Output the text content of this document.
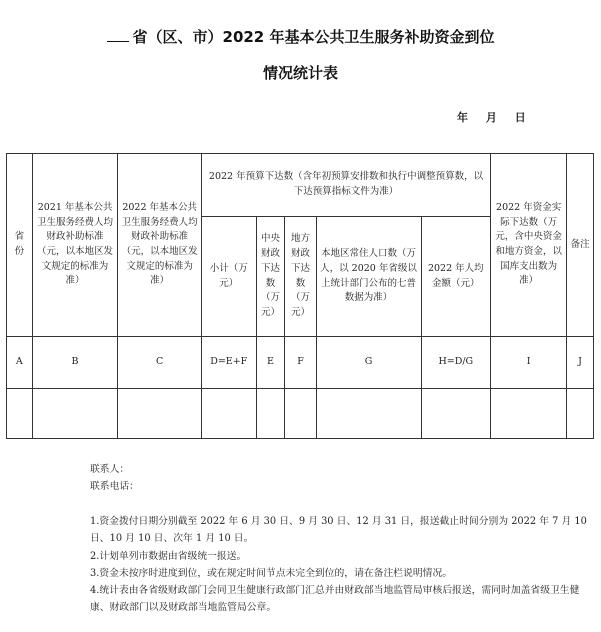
省（区、市）2022 年基本公共卫生服务补助资金到位
情况统计表
年 月 日
省份	2021 年基本公共卫生服务经费人均财政补助标准（元，以本地区发文规定的标准为准）	2022 年基本公共卫生服务经费人均财政补助标准（元，以本地区发文规定的标准为准）	2022 年预算下达数（含年初预算安排数和执行中调整预算数，以下达预算指标文件为准）					2022 年资金实际下达数（万元，含中央资金和地方资金，以国库支出数为准）	备注
			小计（万元）	中央财政下达数（万元）	地方财政下达数（万元）	本地区常住人口数（万人，以 2020 年省级以上统计部门公布的七普数据为准）	2022 年人均金额（元）		
A	B	C	D=E+F	E	F	G	H=D/G	I	J

联系人：

联系电话：

1.资金拨付日期分别截至 2022 年 6 月 30 日、9 月 30 日、12 月 31 日，报送截止时间分别为 2022 年 7 月 10 日、10 月 10 日、次年 1 月 10 日。

2.计划单列市数据由省级统一报送。

3.资金未按序时进度到位，或在规定时间节点未完全到位的，请在备注栏说明情况。

4.统计表由各省级财政部门会同卫生健康行政部门汇总并由财政部当地监管局审核后报送，需同时加盖省级卫生健康、财政部门以及财政部当地监管局公章。
